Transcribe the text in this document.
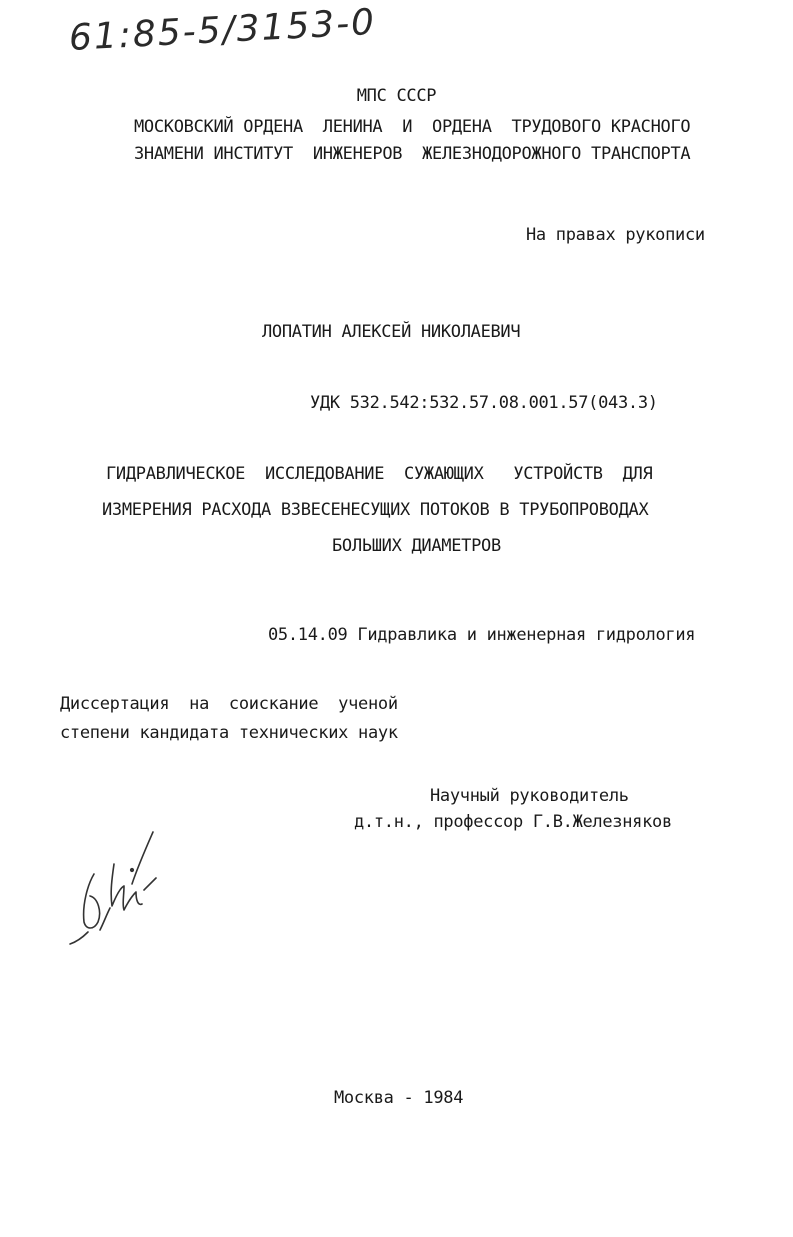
61:85-5/3153-0
МПС СССР
МОСКОВСКИЙ ОРДЕНА  ЛЕНИНА  И  ОРДЕНА  ТРУДОВОГО КРАСНОГО
ЗНАМЕНИ ИНСТИТУТ  ИНЖЕНЕРОВ  ЖЕЛЕЗНОДОРОЖНОГО ТРАНСПОРТА
На правах рукописи
ЛОПАТИН АЛЕКСЕЙ НИКОЛАЕВИЧ
УДК 532.542:532.57.08.001.57(043.3)
ГИДРАВЛИЧЕСКОЕ  ИССЛЕДОВАНИЕ  СУЖАЮЩИХ   УСТРОЙСТВ  ДЛЯ
ИЗМЕРЕНИЯ РАСХОДА ВЗВЕСЕНЕСУЩИХ ПОТОКОВ В ТРУБОПРОВОДАХ
БОЛЬШИХ ДИАМЕТРОВ
05.14.09 Гидравлика и инженерная гидрология
Диссертация  на  соискание  ученой
степени кандидата технических наук
Научный руководитель
д.т.н., профессор Г.В.Железняков
Москва - 1984
